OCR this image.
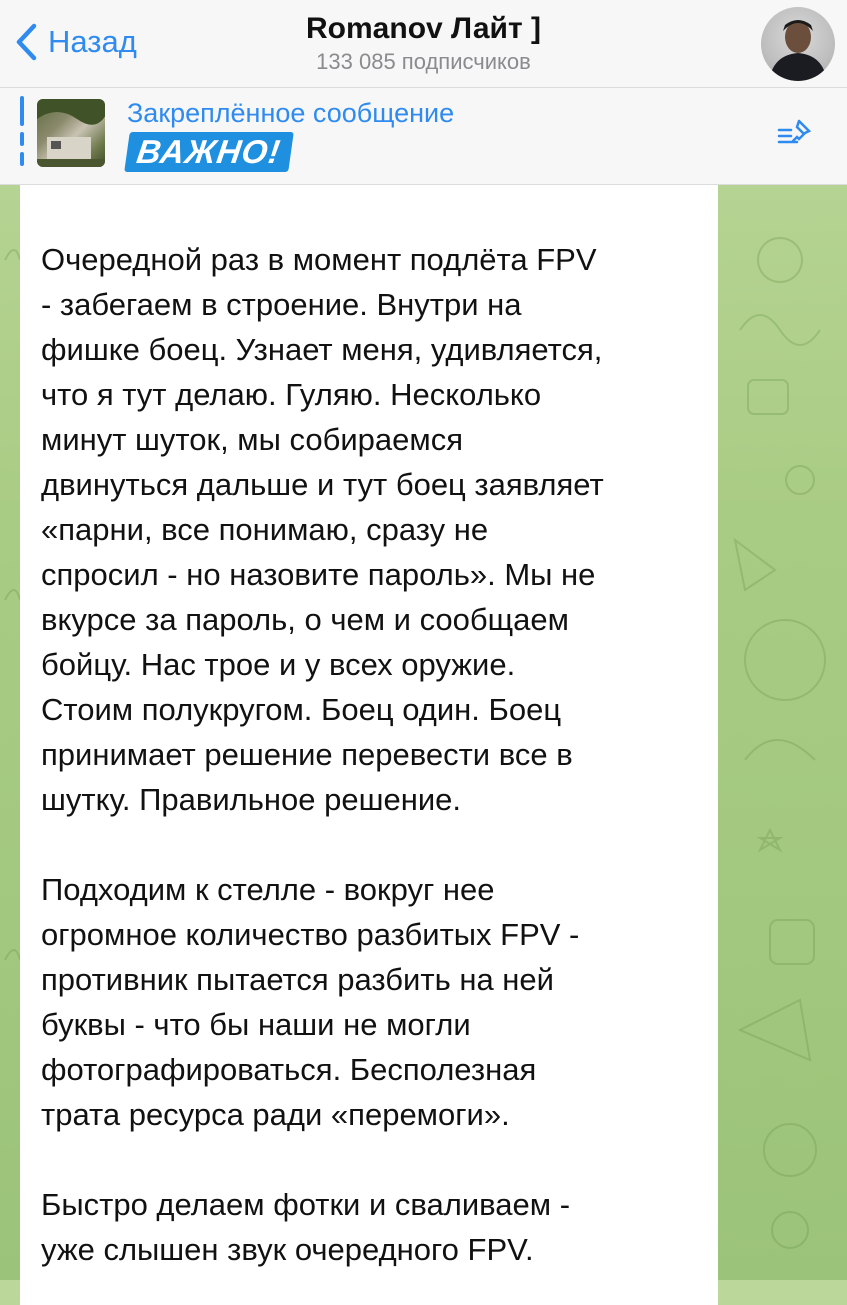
Назад	Romanov Лайт ]
133 085 подписчиков
Закреплённое сообщение
ВАЖНО!

Очередной раз в момент подлёта FPV
- забегаем в строение. Внутри на
фишке боец. Узнает меня, удивляется,
что я тут делаю. Гуляю. Несколько
минут шуток, мы собираемся
двинуться дальше и тут боец заявляет
«парни, все понимаю, сразу не
спросил - но назовите пароль». Мы не
вкурсе за пароль, о чем и сообщаем
бойцу. Нас трое и у всех оружие.
Стоим полукругом. Боец один. Боец
принимает решение перевести все в
шутку. Правильное решение.

Подходим к стелле - вокруг нее
огромное количество разбитых FPV -
противник пытается разбить на ней
буквы - что бы наши не могли
фотографироваться. Бесполезная
трата ресурса ради «перемоги».

Быстро делаем фотки и сваливаем -
уже слышен звук очередного FPV.
